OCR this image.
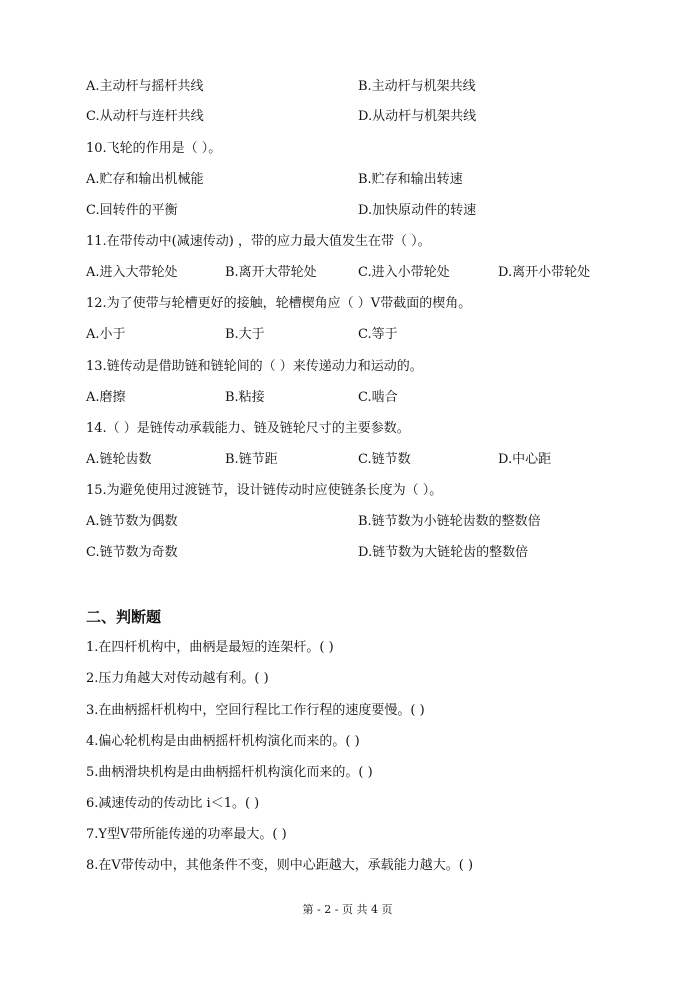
A.主动杆与摇杆共线	B.主动杆与机架共线
C.从动杆与连杆共线	D.从动杆与机架共线
10.飞轮的作用是（ ）。
A.贮存和输出机械能	B.贮存和输出转速
C.回转件的平衡	D.加快原动件的转速
11.在带传动中(减速传动) ，带的应力最大值发生在带（ ）。
A.进入大带轮处	B.离开大带轮处	C.进入小带轮处	D.离开小带轮处
12.为了使带与轮槽更好的接触，轮槽楔角应（ ）V带截面的楔角。
A.小于	B.大于	C.等于
13.链传动是借助链和链轮间的（ ）来传递动力和运动的。
A.磨擦	B.粘接	C.啮合
14.（ ）是链传动承载能力、链及链轮尺寸的主要参数。
A.链轮齿数	B.链节距	C.链节数	D.中心距
15.为避免使用过渡链节，设计链传动时应使链条长度为（ ）。
A.链节数为偶数	B.链节数为小链轮齿数的整数倍
C.链节数为奇数	D.链节数为大链轮齿的整数倍
二、判断题
1.在四杆机构中，曲柄是最短的连架杆。( )
2.压力角越大对传动越有利。( )
3.在曲柄摇杆机构中，空回行程比工作行程的速度要慢。( )
4.偏心轮机构是由曲柄摇杆机构演化而来的。( )
5.曲柄滑块机构是由曲柄摇杆机构演化而来的。( )
6.减速传动的传动比 i＜1。( )
7.Y型V带所能传递的功率最大。( )
8.在V带传动中，其他条件不变，则中心距越大，承载能力越大。( )
第 - 2 - 页 共 4 页
